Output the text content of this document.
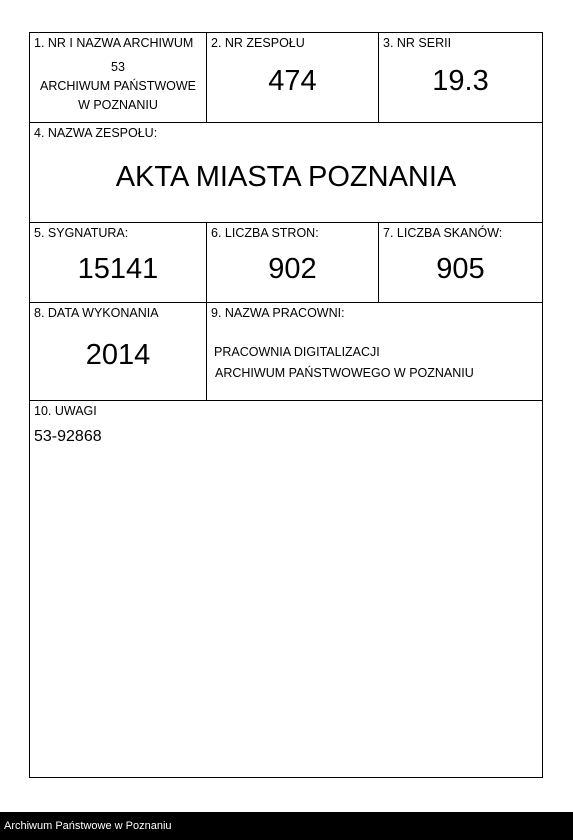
1. NR I NAZWA ARCHIWUM
53
ARCHIWUM PAŃSTWOWE
W POZNANIU
2. NR ZESPOŁU
474
3. NR SERII
19.3
4. NAZWA ZESPOŁU:
AKTA MIASTA POZNANIA
5. SYGNATURA:
15141
6. LICZBA STRON:
902
7. LICZBA SKANÓW:
905
8. DATA WYKONANIA
2014
9. NAZWA PRACOWNI:
PRACOWNIA DIGITALIZACJI
ARCHIWUM PAŃSTWOWEGO W POZNANIU
10. UWAGI
53-92868
Archiwum Państwowe w Poznaniu
